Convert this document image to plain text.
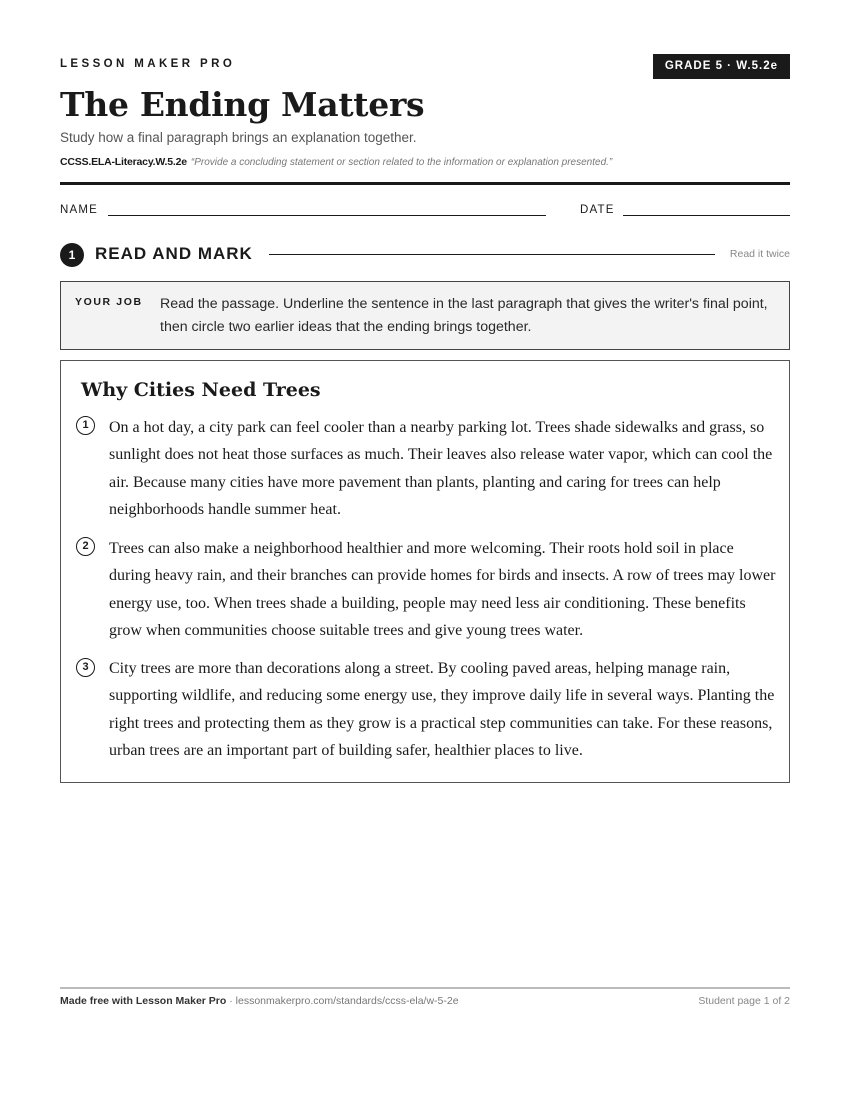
LESSON MAKER PRO	GRADE 5 · W.5.2e
The Ending Matters
Study how a final paragraph brings an explanation together.
CCSS.ELA-Literacy.W.5.2e “Provide a concluding statement or section related to the information or explanation presented.”
NAME	DATE
1	READ AND MARK	Read it twice
YOUR JOB Read the passage. Underline the sentence in the last paragraph that gives the writer's final point, then circle two earlier ideas that the ending brings together.
Why Cities Need Trees
1	On a hot day, a city park can feel cooler than a nearby parking lot. Trees shade sidewalks and grass, so sunlight does not heat those surfaces as much. Their leaves also release water vapor, which can cool the air. Because many cities have more pavement than plants, planting and caring for trees can help neighborhoods handle summer heat.

2	Trees can also make a neighborhood healthier and more welcoming. Their roots hold soil in place during heavy rain, and their branches can provide homes for birds and insects. A row of trees may lower energy use, too. When trees shade a building, people may need less air conditioning. These benefits grow when communities choose suitable trees and give young trees water.

3	City trees are more than decorations along a street. By cooling paved areas, helping manage rain, supporting wildlife, and reducing some energy use, they improve daily life in several ways. Planting the right trees and protecting them as they grow is a practical step communities can take. For these reasons, urban trees are an important part of building safer, healthier places to live.

Made free with Lesson Maker Pro · lessonmakerpro.com/standards/ccss-ela/w-5-2e	Student page 1 of 2
